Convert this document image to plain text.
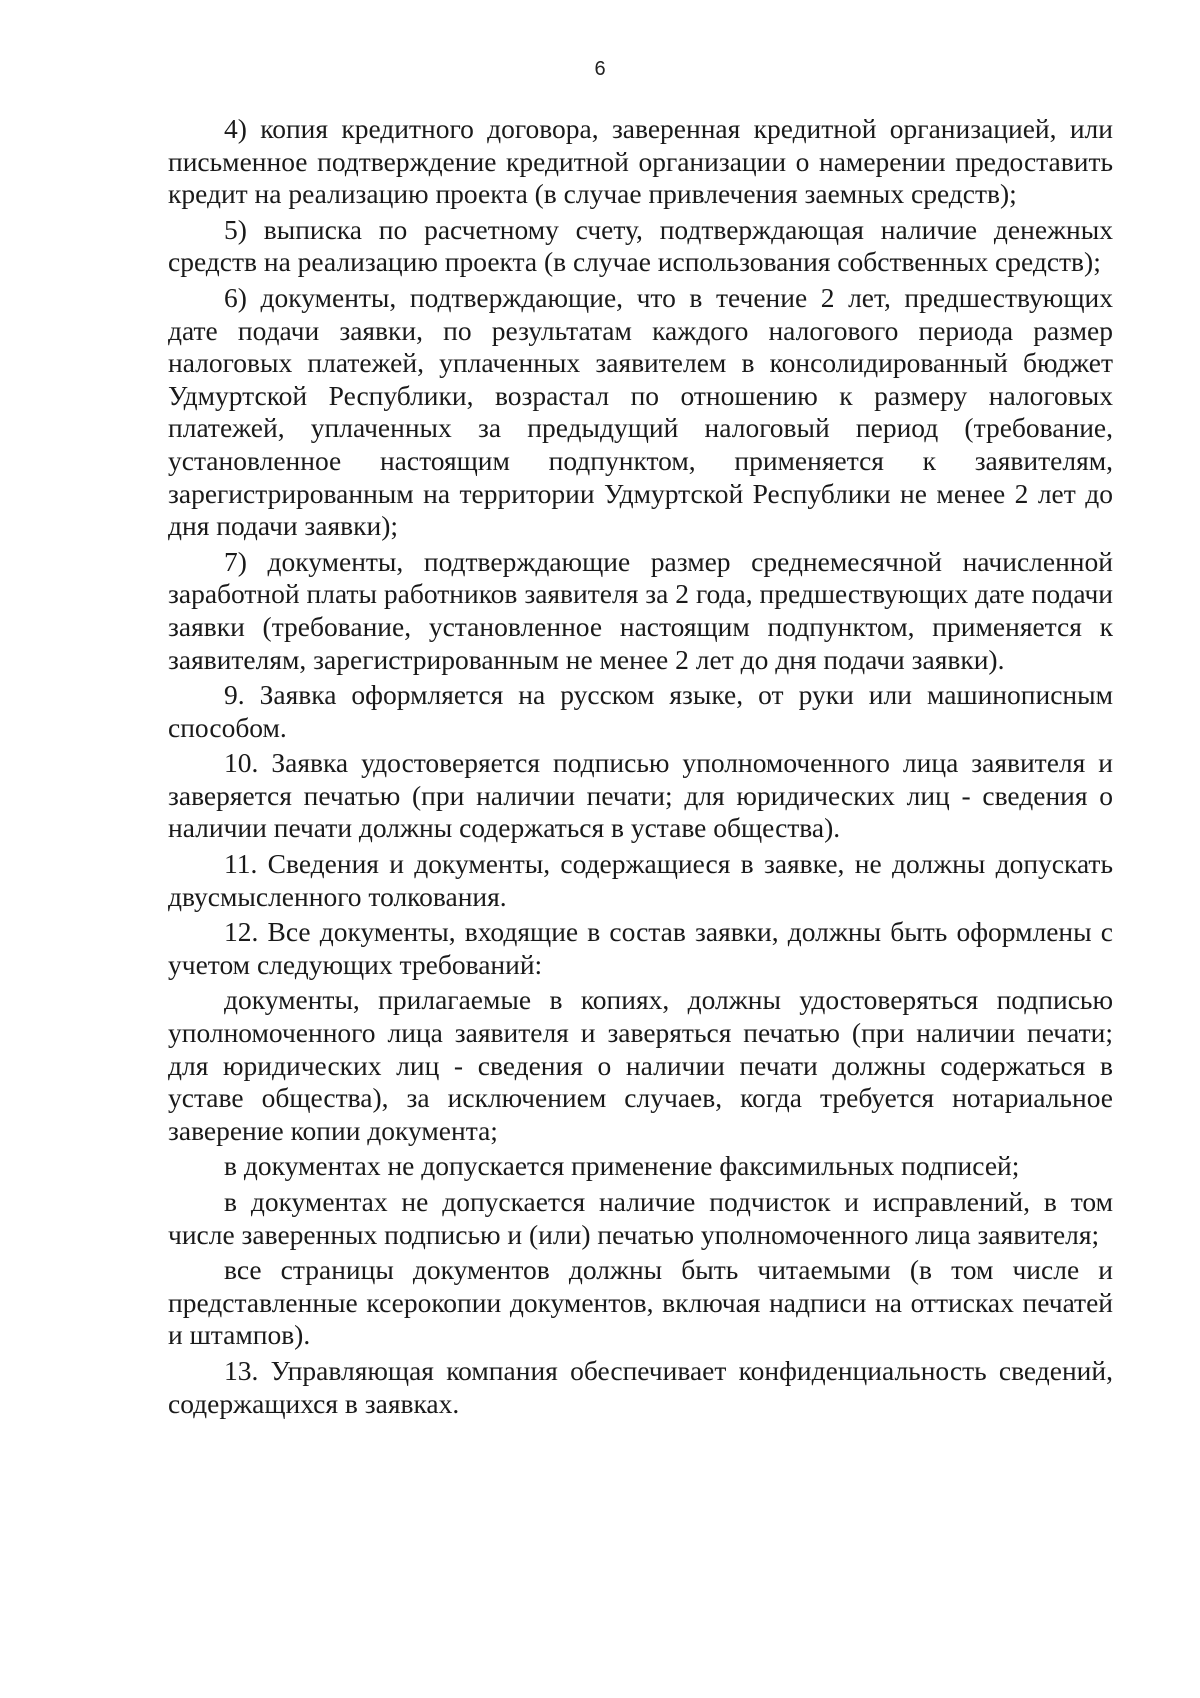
6

4) копия кредитного договора, заверенная кредитной организацией, или письменное подтверждение кредитной организации о намерении предоставить кредит на реализацию проекта (в случае привлечения заемных средств);

5) выписка по расчетному счету, подтверждающая наличие денежных средств на реализацию проекта (в случае использования собственных средств);

6) документы, подтверждающие, что в течение 2 лет, предшествующих дате подачи заявки, по результатам каждого налогового периода размер налоговых платежей, уплаченных заявителем в консолидированный бюджет Удмуртской Республики, возрастал по отношению к размеру налоговых платежей, уплаченных за предыдущий налоговый период (требование, установленное настоящим подпунктом, применяется к заявителям, зарегистрированным на территории Удмуртской Республики не менее 2 лет до дня подачи заявки);

7) документы, подтверждающие размер среднемесячной начисленной заработной платы работников заявителя за 2 года, предшествующих дате подачи заявки (требование, установленное настоящим подпунктом, применяется к заявителям, зарегистрированным не менее 2 лет до дня подачи заявки).

9. Заявка оформляется на русском языке, от руки или машинописным способом.

10. Заявка удостоверяется подписью уполномоченного лица заявителя и заверяется печатью (при наличии печати; для юридических лиц - сведения о наличии печати должны содержаться в уставе общества).

11. Сведения и документы, содержащиеся в заявке, не должны допускать двусмысленного толкования.

12. Все документы, входящие в состав заявки, должны быть оформлены с учетом следующих требований:

документы, прилагаемые в копиях, должны удостоверяться подписью уполномоченного лица заявителя и заверяться печатью (при наличии печати; для юридических лиц - сведения о наличии печати должны содержаться в уставе общества), за исключением случаев, когда требуется нотариальное заверение копии документа;

в документах не допускается применение факсимильных подписей;

в документах не допускается наличие подчисток и исправлений, в том числе заверенных подписью и (или) печатью уполномоченного лица заявителя;

все страницы документов должны быть читаемыми (в том числе и представленные ксерокопии документов, включая надписи на оттисках печатей и штампов).

13. Управляющая компания обеспечивает конфиденциальность сведений, содержащихся в заявках.
